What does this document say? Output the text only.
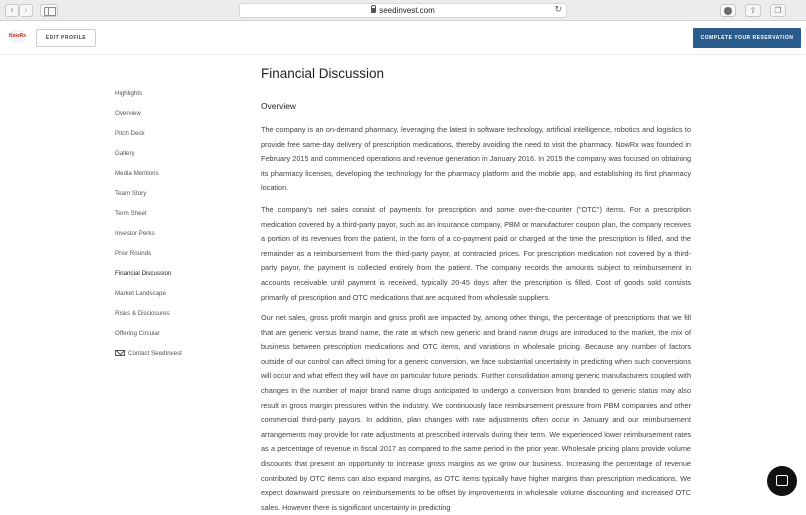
‹	›	seedinvest.com	↻	⇧	❐
NowRx	EDIT PROFILE	COMPLETE YOUR RESERVATION
Highlights
Overview
Pitch Deck
Gallery
Media Mentions
Team Story
Term Sheet
Investor Perks
Prior Rounds
Financial Discussion
Market Landscape
Risks & Disclosures
Offering Circular
Contact SeedInvest
Financial Discussion
Overview

The company is an on-demand pharmacy, leveraging the latest in software technology, artificial intelligence, robotics and logistics to provide free same-day delivery of prescription medications, thereby avoiding the need to visit the pharmacy. NowRx was founded in February 2015 and commenced operations and revenue generation in January 2016. In 2015 the company was focused on obtaining its pharmacy licenses, developing the technology for the pharmacy platform and the mobile app, and establishing its first pharmacy location.

The company's net sales consist of payments for prescription and some over-the-counter ("OTC") items. For a prescription medication covered by a third-party payor, such as an insurance company, PBM or manufacturer coupon plan, the company receives a portion of its revenues from the patient, in the form of a co-payment paid or charged at the time the prescription is filled, and the remainder as a reimbursement from the third-party payor, at contracted prices. For prescription medication not covered by a third-party payor, the payment is collected entirely from the patient. The company records the amounts subject to reimbursement in accounts receivable until payment is received, typically 20-45 days after the prescription is filled. Cost of goods sold consists primarily of prescription and OTC medications that are acquired from wholesale suppliers.

Our net sales, gross profit margin and gross profit are impacted by, among other things, the percentage of prescriptions that we fill that are generic versus brand name, the rate at which new generic and brand name drugs are introduced to the market, the mix of business between prescription medications and OTC items, and variations in wholesale pricing. Because any number of factors outside of our control can affect timing for a generic conversion, we face substantial uncertainty in predicting when such conversions will occur and what effect they will have on particular future periods. Further consolidation among generic manufacturers coupled with changes in the number of major brand name drugs anticipated to undergo a conversion from branded to generic status may also result in gross margin pressures within the industry. We continuously face reimbursement pressure from PBM companies and other commercial third-party payors. In addition, plan changes with rate adjustments often occur in January and our reimbursement arrangements may provide for rate adjustments at prescribed intervals during their term. We experienced lower reimbursement rates as a percentage of revenue in fiscal 2017 as compared to the same period in the prior year. Wholesale pricing plans provide volume discounts that present an opportunity to increase gross margins as we grow our business. Increasing the percentage of revenue contributed by OTC items can also expand margins, as OTC items typically have higher margins than prescription medications. We expect downward pressure on reimbursements to be offset by improvements in wholesale volume discounting and increased OTC sales. However there is significant uncertainty in predicting
